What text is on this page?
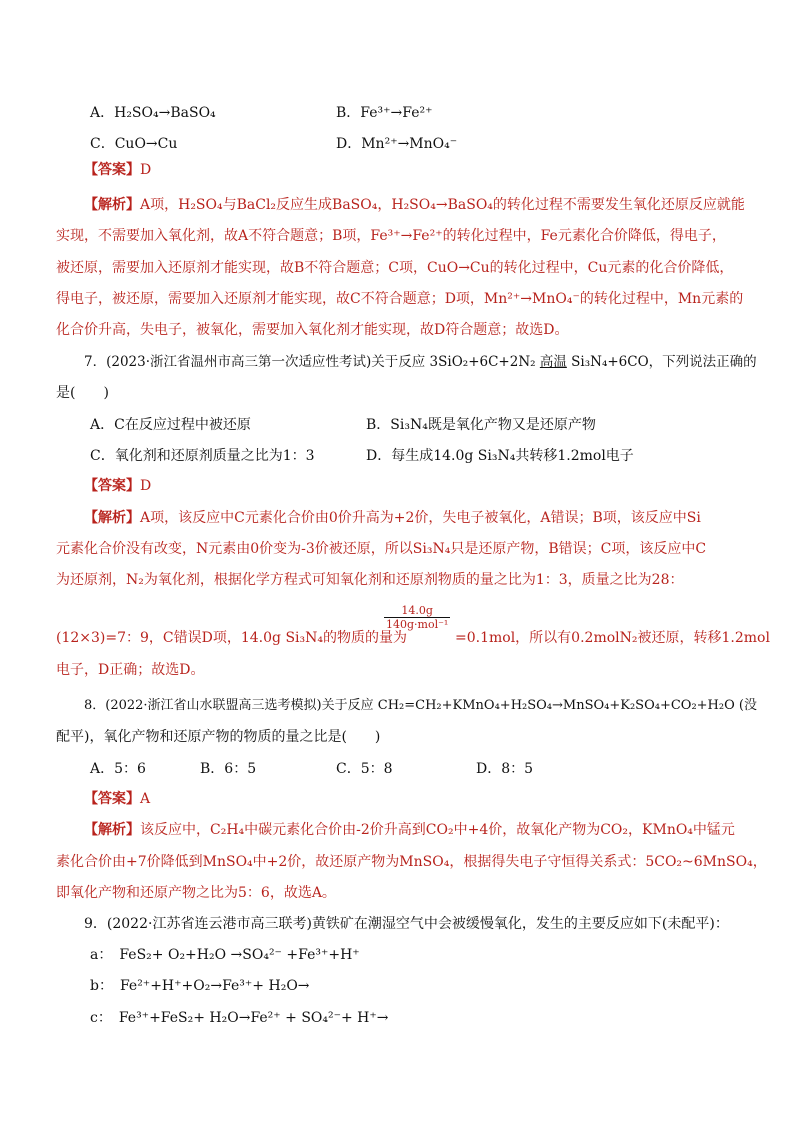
A．H₂SO₄→BaSO₄	B．Fe³⁺→Fe²⁺
C．CuO→Cu	D．Mn²⁺→MnO₄⁻
【答案】D
【解析】A项，H₂SO₄与BaCl₂反应生成BaSO₄，H₂SO₄→BaSO₄的转化过程不需要发生氧化还原反应就能
实现，不需要加入氧化剂，故A不符合题意；B项，Fe³⁺→Fe²⁺的转化过程中，Fe元素化合价降低，得电子，
被还原，需要加入还原剂才能实现，故B不符合题意；C项，CuO→Cu的转化过程中，Cu元素的化合价降低，
得电子，被还原，需要加入还原剂才能实现，故C不符合题意；D项，Mn²⁺→MnO₄⁻的转化过程中，Mn元素的
化合价升高，失电子，被氧化，需要加入氧化剂才能实现，故D符合题意；故选D。
7．(2023·浙江省温州市高三第一次适应性考试)关于反应 3SiO₂+6C+2N₂ 高温 Si₃N₄+6CO，下列说法正确的
是(　　)
A．C在反应过程中被还原	B．Si₃N₄既是氧化产物又是还原产物
C．氧化剂和还原剂质量之比为1：3	D．每生成14.0g Si₃N₄共转移1.2mol电子
【答案】D
【解析】A项，该反应中C元素化合价由0价升高为+2价，失电子被氧化，A错误；B项，该反应中Si
元素化合价没有改变，N元素由0价变为-3价被还原，所以Si₃N₄只是还原产物，B错误；C项，该反应中C
为还原剂，N₂为氧化剂，根据化学方程式可知氧化剂和还原剂物质的量之比为1：3，质量之比为28：
14.0g
140g·mol⁻¹
(12×3)=7：9，C错误D项，14.0g Si₃N₄的物质的量为	=0.1mol，所以有0.2molN₂被还原，转移1.2mol
电子，D正确；故选D。
8．(2022·浙江省山水联盟高三选考模拟)关于反应 CH₂=CH₂+KMnO₄+H₂SO₄→MnSO₄+K₂SO₄+CO₂+H₂O (没
配平)，氧化产物和还原产物的物质的量之比是(　　)
A．5：6	B．6：5	C．5：8	D．8：5
【答案】A
【解析】该反应中，C₂H₄中碳元素化合价由-2价升高到CO₂中+4价，故氧化产物为CO₂，KMnO₄中锰元
素化合价由+7价降低到MnSO₄中+2价，故还原产物为MnSO₄，根据得失电子守恒得关系式：5CO₂~6MnSO₄，
即氧化产物和还原产物之比为5：6，故选A。
9．(2022·江苏省连云港市高三联考)黄铁矿在潮湿空气中会被缓慢氧化，发生的主要反应如下(未配平)：
a：　FeS₂+ O₂+H₂O →SO₄²⁻ +Fe³⁺+H⁺
b：　Fe²⁺+H⁺+O₂→Fe³⁺+ H₂O→
c：　Fe³⁺+FeS₂+ H₂O→Fe²⁺ + SO₄²⁻+ H⁺→
